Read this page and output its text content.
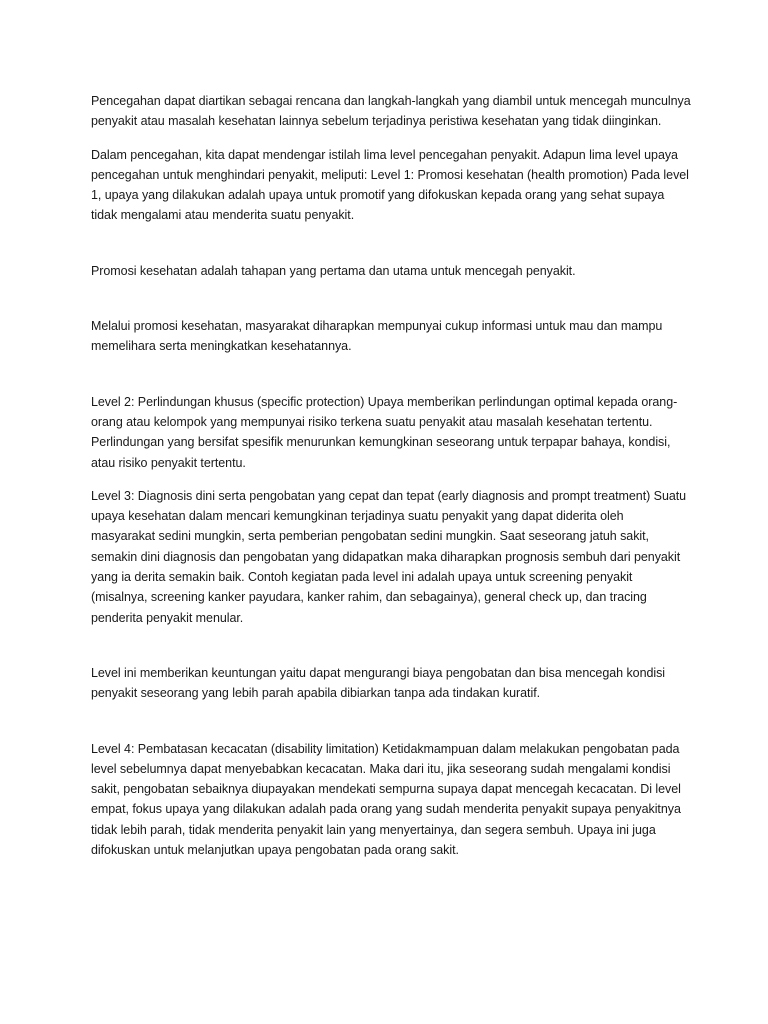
Pencegahan dapat diartikan sebagai rencana dan langkah-langkah yang diambil untuk mencegah munculnya penyakit atau masalah kesehatan lainnya sebelum terjadinya peristiwa kesehatan yang tidak diinginkan.

Dalam pencegahan, kita dapat mendengar istilah lima level pencegahan penyakit. Adapun lima level upaya pencegahan untuk menghindari penyakit, meliputi: Level 1: Promosi kesehatan (health promotion) Pada level 1, upaya yang dilakukan adalah upaya untuk promotif yang difokuskan kepada orang yang sehat supaya tidak mengalami atau menderita suatu penyakit.

Promosi kesehatan adalah tahapan yang pertama dan utama untuk mencegah penyakit.

Melalui promosi kesehatan, masyarakat diharapkan mempunyai cukup informasi untuk mau dan mampu memelihara serta meningkatkan kesehatannya.

Level 2: Perlindungan khusus (specific protection) Upaya memberikan perlindungan optimal kepada orang-orang atau kelompok yang mempunyai risiko terkena suatu penyakit atau masalah kesehatan tertentu. Perlindungan yang bersifat spesifik menurunkan kemungkinan seseorang untuk terpapar bahaya, kondisi, atau risiko penyakit tertentu.

Level 3: Diagnosis dini serta pengobatan yang cepat dan tepat (early diagnosis and prompt treatment) Suatu upaya kesehatan dalam mencari kemungkinan terjadinya suatu penyakit yang dapat diderita oleh masyarakat sedini mungkin, serta pemberian pengobatan sedini mungkin. Saat seseorang jatuh sakit, semakin dini diagnosis dan pengobatan yang didapatkan maka diharapkan prognosis sembuh dari penyakit yang ia derita semakin baik. Contoh kegiatan pada level ini adalah upaya untuk screening penyakit (misalnya, screening kanker payudara, kanker rahim, dan sebagainya), general check up, dan tracing penderita penyakit menular.

Level ini memberikan keuntungan yaitu dapat mengurangi biaya pengobatan dan bisa mencegah kondisi penyakit seseorang yang lebih parah apabila dibiarkan tanpa ada tindakan kuratif.

Level 4: Pembatasan kecacatan (disability limitation) Ketidakmampuan dalam melakukan pengobatan pada level sebelumnya dapat menyebabkan kecacatan. Maka dari itu, jika seseorang sudah mengalami kondisi sakit, pengobatan sebaiknya diupayakan mendekati sempurna supaya dapat mencegah kecacatan. Di level empat, fokus upaya yang dilakukan adalah pada orang yang sudah menderita penyakit supaya penyakitnya tidak lebih parah, tidak menderita penyakit lain yang menyertainya, dan segera sembuh. Upaya ini juga difokuskan untuk melanjutkan upaya pengobatan pada orang sakit.
